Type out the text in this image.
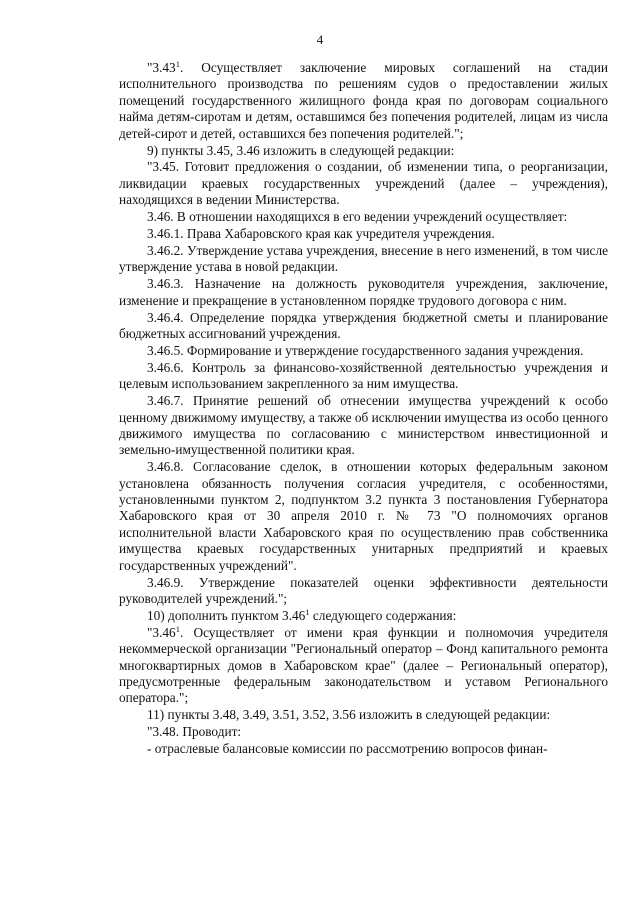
4

"3.43$^1$. Осуществляет заключение мировых соглашений на стадии исполнительного производства по решениям судов о предоставлении жилых помещений государственного жилищного фонда края по договорам социального найма детям-сиротам и детям, оставшимся без попечения родителей, лицам из числа детей-сирот и детей, оставшихся без попечения родителей.";

9) пункты 3.45, 3.46 изложить в следующей редакции:

"3.45. Готовит предложения о создании, об изменении типа, о реорганизации, ликвидации краевых государственных учреждений (далее – учреждения), находящихся в ведении Министерства.

3.46. В отношении находящихся в его ведении учреждений осуществляет:

3.46.1. Права Хабаровского края как учредителя учреждения.

3.46.2. Утверждение устава учреждения, внесение в него изменений, в том числе утверждение устава в новой редакции.

3.46.3. Назначение на должность руководителя учреждения, заключение, изменение и прекращение в установленном порядке трудового договора с ним.

3.46.4. Определение порядка утверждения бюджетной сметы и планирование бюджетных ассигнований учреждения.

3.46.5. Формирование и утверждение государственного задания учреждения.

3.46.6. Контроль за финансово-хозяйственной деятельностью учреждения и целевым использованием закрепленного за ним имущества.

3.46.7. Принятие решений об отнесении имущества учреждений к особо ценному движимому имуществу, а также об исключении имущества из особо ценного движимого имущества по согласованию с министерством инвестиционной и земельно-имущественной политики края.

3.46.8. Согласование сделок, в отношении которых федеральным законом установлена обязанность получения согласия учредителя, с особенностями, установленными пунктом 2, подпунктом 3.2 пункта 3 постановления Губернатора Хабаровского края от 30 апреля 2010 г. № 73 "О полномочиях органов исполнительной власти Хабаровского края по осуществлению прав собственника имущества краевых государственных унитарных предприятий и краевых государственных учреждений".

3.46.9. Утверждение показателей оценки эффективности деятельности руководителей учреждений.";

10) дополнить пунктом 3.46$^1$ следующего содержания:

"3.46$^1$. Осуществляет от имени края функции и полномочия учредителя некоммерческой организации "Региональный оператор – Фонд капитального ремонта многоквартирных домов в Хабаровском крае" (далее – Региональный оператор), предусмотренные федеральным законодательством и уставом Регионального оператора.";

11) пункты 3.48, 3.49, 3.51, 3.52, 3.56 изложить в следующей редакции:

"3.48. Проводит:

- отраслевые балансовые комиссии по рассмотрению вопросов финан-
